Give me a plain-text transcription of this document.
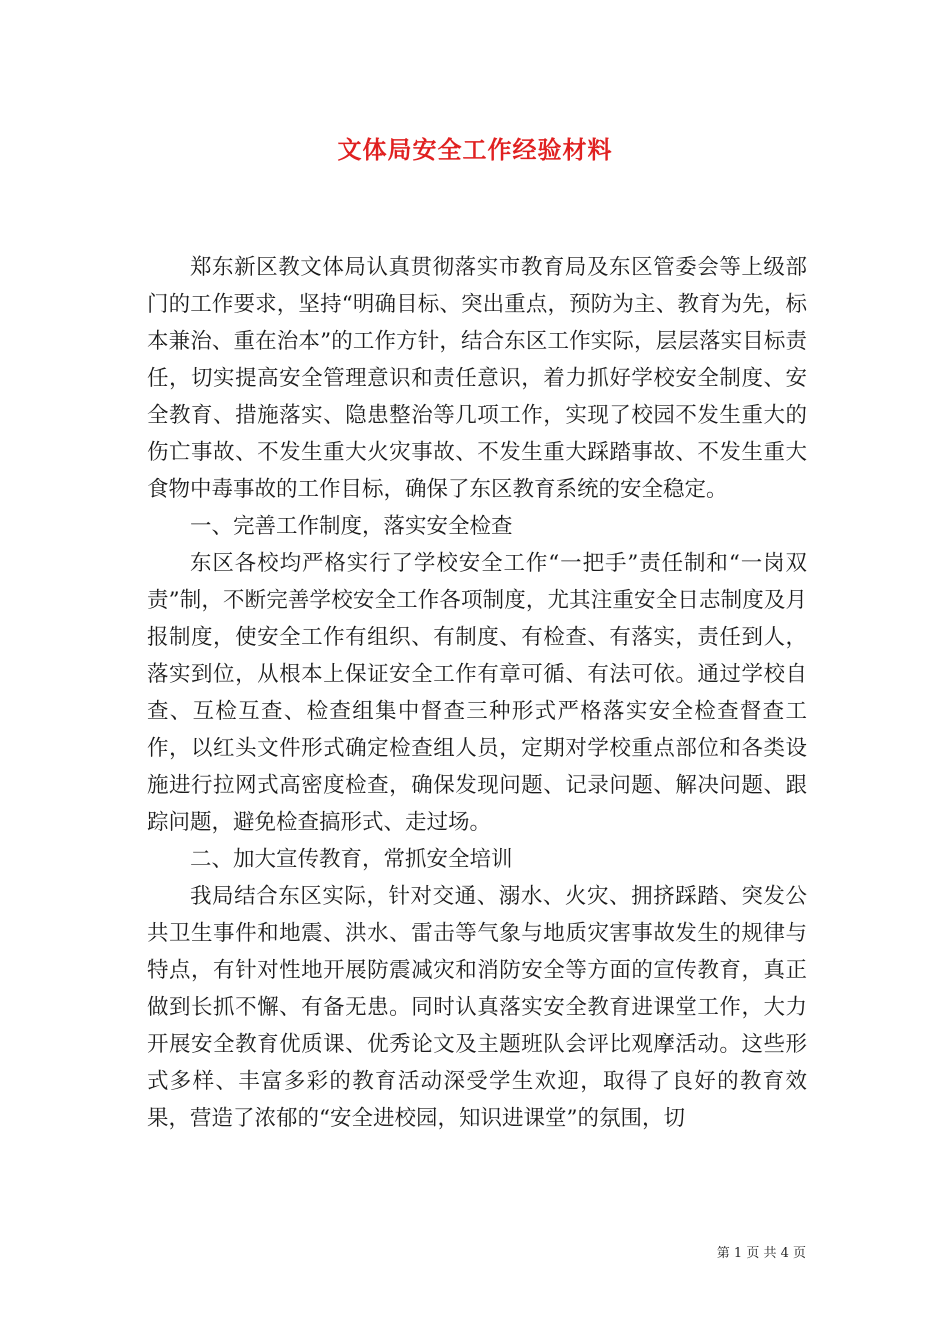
文体局安全工作经验材料

郑东新区教文体局认真贯彻落实市教育局及东区管委会等上级部门的工作要求，坚持“明确目标、突出重点，预防为主、教育为先，标本兼治、重在治本”的工作方针，结合东区工作实际，层层落实目标责任，切实提高安全管理意识和责任意识，着力抓好学校安全制度、安全教育、措施落实、隐患整治等几项工作，实现了校园不发生重大的伤亡事故、不发生重大火灾事故、不发生重大踩踏事故、不发生重大食物中毒事故的工作目标，确保了东区教育系统的安全稳定。

一、完善工作制度，落实安全检查

东区各校均严格实行了学校安全工作“一把手”责任制和“一岗双责”制，不断完善学校安全工作各项制度，尤其注重安全日志制度及月报制度，使安全工作有组织、有制度、有检查、有落实，责任到人，落实到位，从根本上保证安全工作有章可循、有法可依。通过学校自查、互检互查、检查组集中督查三种形式严格落实安全检查督查工作，以红头文件形式确定检查组人员，定期对学校重点部位和各类设施进行拉网式高密度检查，确保发现问题、记录问题、解决问题、跟踪问题，避免检查搞形式、走过场。

二、加大宣传教育，常抓安全培训

我局结合东区实际，针对交通、溺水、火灾、拥挤踩踏、突发公共卫生事件和地震、洪水、雷击等气象与地质灾害事故发生的规律与特点，有针对性地开展防震减灾和消防安全等方面的宣传教育，真正做到长抓不懈、有备无患。同时认真落实安全教育进课堂工作，大力开展安全教育优质课、优秀论文及主题班队会评比观摩活动。这些形式多样、丰富多彩的教育活动深受学生欢迎，取得了良好的教育效果，营造了浓郁的“安全进校园，知识进课堂”的氛围，切

第 1 页 共 4 页
